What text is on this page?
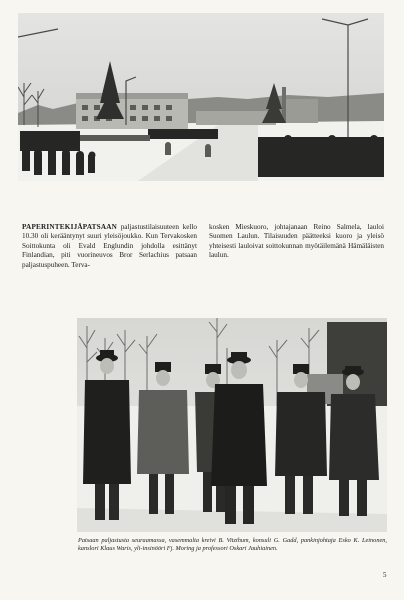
PAPERINTEKIJÄPATSAAN paljastustilaisuuteen kello 10.30 oli kerääntynyt suuri yleisöjoukko. Kun Tervakosken Soittokunta oli Evald Englundin johdolla esittänyt Finlandian, piti vuorineuvos Bror Serlachius patsaan paljastuspuheen. Terva-
kosken Mieskuoro, johtajanaan Reino Salmela, lauloi Suomen Laulun. Tilaisuuden päätteeksi kuoro ja yleisö yhteisesti lauloivat soittokunnan myötäilemänä Hämäläisten laulun.
Patsaan paljastusta seuraamassa, vasemmalta kreivi B. Vitzthum, konsuli G. Gadd, pankinjohtaja Esko K. Leinonen, kanslori Klaus Waris, yli-insinööri Fj. Moring ja professori Oskari Jauhiainen.
5
